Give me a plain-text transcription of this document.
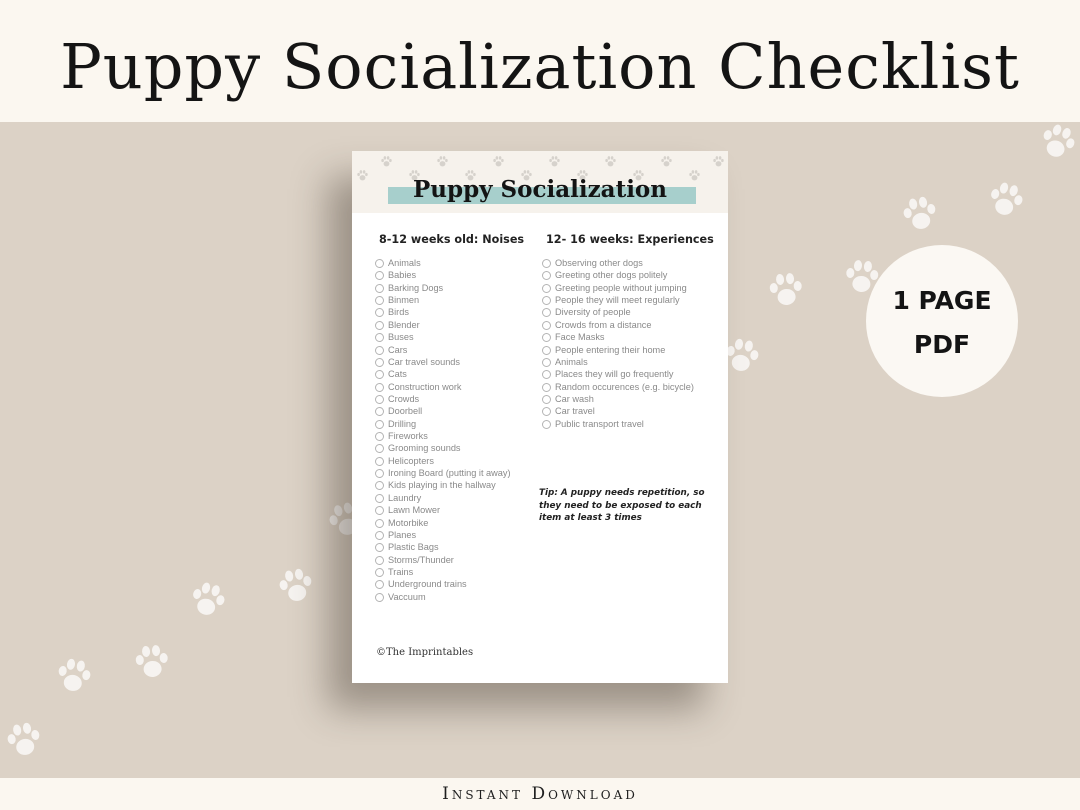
Puppy Socialization Checklist
1 PAGE
PDF
Puppy Socialization
8-12 weeks old: Noises
Animals
Babies
Barking Dogs
Binmen
Birds
Blender
Buses
Cars
Car travel sounds
Cats
Construction work
Crowds
Doorbell
Drilling
Fireworks
Grooming sounds
Helicopters
Ironing Board (putting it away)
Kids playing in the hallway
Laundry
Lawn Mower
Motorbike
Planes
Plastic Bags
Storms/Thunder
Trains
Underground trains
Vaccuum
12- 16 weeks: Experiences
Observing other dogs
Greeting other dogs politely
Greeting people without jumping
People they will meet regularly
Diversity of people
Crowds from a distance
Face Masks
People entering their home
Animals
Places they will go frequently
Random occurences (e.g. bicycle)
Car wash
Car travel
Public transport travel
Tip: A puppy needs repetition, so they need to be exposed to each item at least 3 times
©The Imprintables
Instant Download
